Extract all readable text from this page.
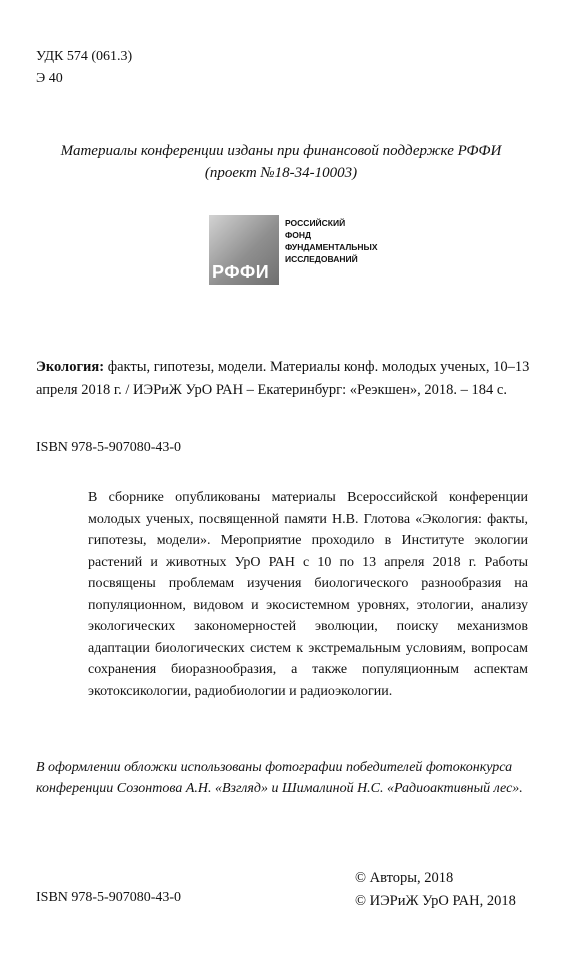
УДК 574 (061.3)
Э 40
Материалы конференции изданы при финансовой поддержке РФФИ
(проект №18-34-10003)
РФФИ
РОССИЙСКИЙ
ФОНД
ФУНДАМЕНТАЛЬНЫХ
ИССЛЕДОВАНИЙ
Экология: факты, гипотезы, модели. Материалы конф. молодых ученых, 10–13 апреля 2018 г. / ИЭРиЖ УрО РАН – Екатеринбург: «Реэкшен», 2018. – 184 с.
ISBN 978-5-907080-43-0

В сборнике опубликованы материалы Всероссийской конференции молодых ученых, посвященной памяти Н.В. Глотова «Экология: факты, гипотезы, модели». Мероприятие проходило в Институте экологии растений и животных УрО РАН с 10 по 13 апреля 2018 г. Работы посвящены проблемам изучения биологического разнообразия на популяционном, видовом и экосистемном уровнях, этологии, анализу экологических закономерностей эволюции, поиску механизмов адаптации биологических систем к экстремальным условиям, вопросам сохранения биоразнообразия, а также популяционным аспектам экотоксикологии, радиобиологии и радиоэкологии.

В оформлении обложки использованы фотографии победителей фотоконкурса
конференции Созонтова А.Н. «Взгляд» и Шималиной Н.С. «Радиоактивный лес».
© Авторы, 2018
© ИЭРиЖ УрО РАН, 2018
ISBN 978-5-907080-43-0
